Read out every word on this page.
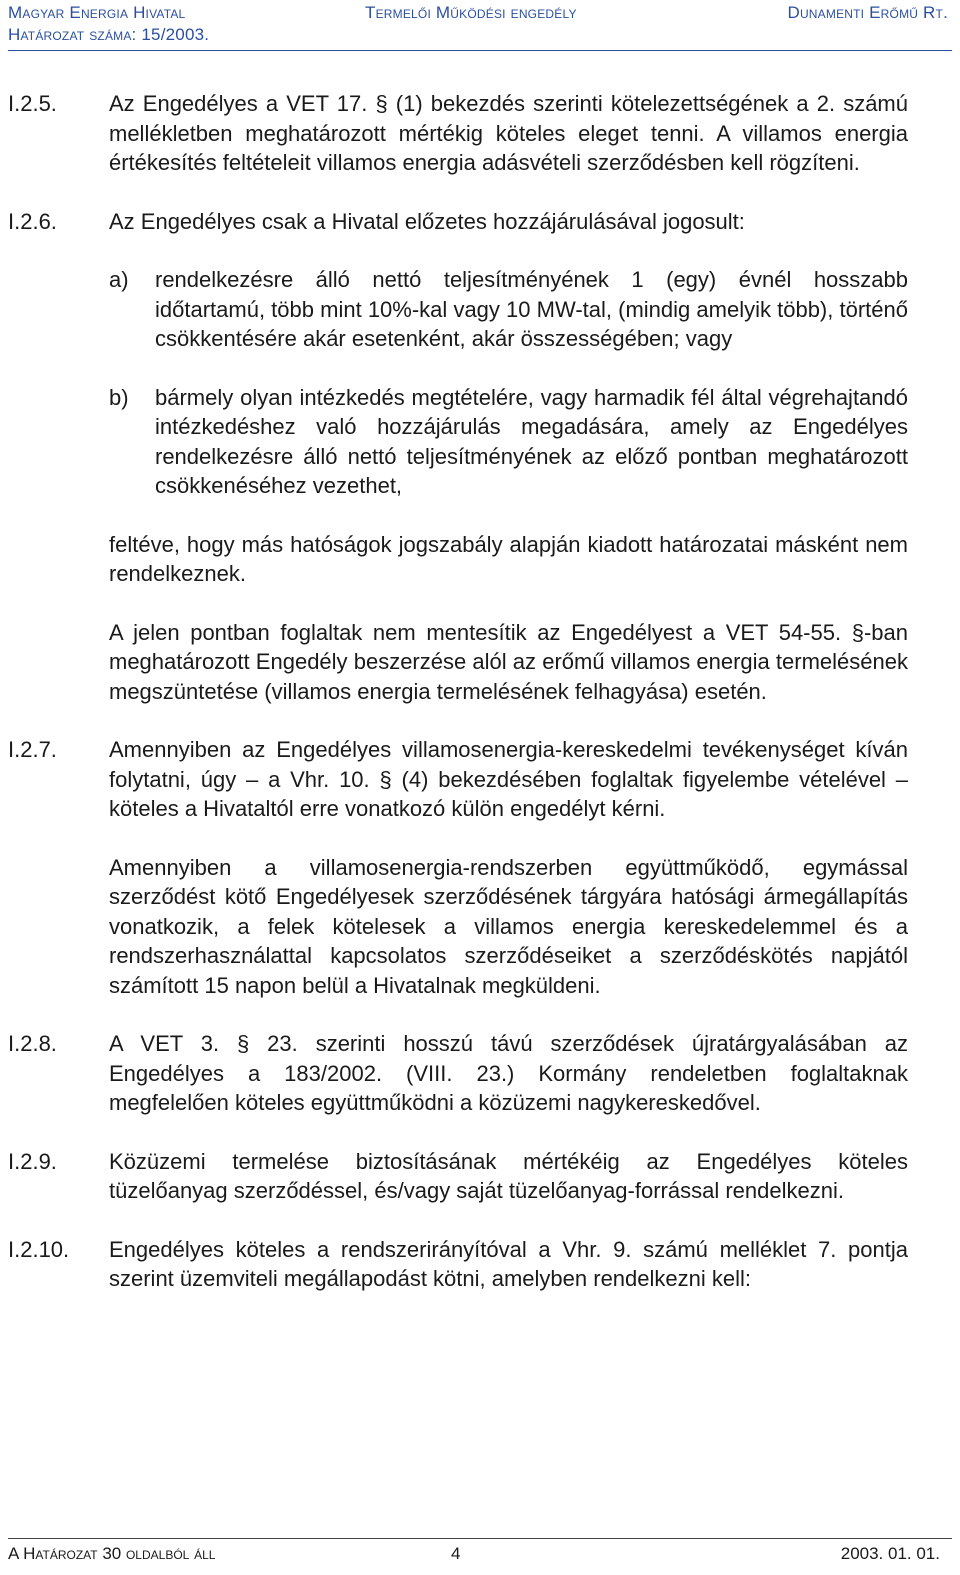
Magyar Energia Hivatal	Termelői Működési engedély	Dunamenti Erőmű Rt.
Határozat száma: 15/2003.
I.2.5. Az Engedélyes a VET 17. § (1) bekezdés szerinti kötelezettségének a 2. számú mellékletben meghatározott mértékig köteles eleget tenni. A villamos energia értékesítés feltételeit villamos energia adásvételi szerződésben kell rögzíteni.
I.2.6. Az Engedélyes csak a Hivatal előzetes hozzájárulásával jogosult:
a) rendelkezésre álló nettó teljesítményének 1 (egy) évnél hosszabb időtartamú, több mint 10%-kal vagy 10 MW-tal, (mindig amelyik több), történő csökkentésére akár esetenként, akár összességében; vagy
b) bármely olyan intézkedés megtételére, vagy harmadik fél által végrehajtandó intézkedéshez való hozzájárulás megadására, amely az Engedélyes rendelkezésre álló nettó teljesítményének az előző pontban meghatározott csökkenéséhez vezethet,
feltéve, hogy más hatóságok jogszabály alapján kiadott határozatai másként nem rendelkeznek.
A jelen pontban foglaltak nem mentesítik az Engedélyest a VET 54-55. §-ban meghatározott Engedély beszerzése alól az erőmű villamos energia termelésének megszüntetése (villamos energia termelésének felhagyása) esetén.
I.2.7. Amennyiben az Engedélyes villamosenergia-kereskedelmi tevékenységet kíván folytatni, úgy – a Vhr. 10. § (4) bekezdésében foglaltak figyelembe vételével – köteles a Hivataltól erre vonatkozó külön engedélyt kérni.
Amennyiben a villamosenergia-rendszerben együttműködő, egymással szerződést kötő Engedélyesek szerződésének tárgyára hatósági ármegállapítás vonatkozik, a felek kötelesek a villamos energia kereskedelemmel és a rendszerhasználattal kapcsolatos szerződéseiket a szerződéskötés napjától számított 15 napon belül a Hivatalnak megküldeni.
I.2.8. A VET 3. § 23. szerinti hosszú távú szerződések újratárgyalásában az Engedélyes a 183/2002. (VIII. 23.) Kormány rendeletben foglaltaknak megfelelően köteles együttműködni a közüzemi nagykereskedővel.
I.2.9. Közüzemi termelése biztosításának mértékéig az Engedélyes köteles tüzelőanyag szerződéssel, és/vagy saját tüzelőanyag-forrással rendelkezni.
I.2.10. Engedélyes köteles a rendszerirányítóval a Vhr. 9. számú melléklet 7. pontja szerint üzemviteli megállapodást kötni, amelyben rendelkezni kell:
A Határozat 30 oldalból áll	4	2003. 01. 01.
